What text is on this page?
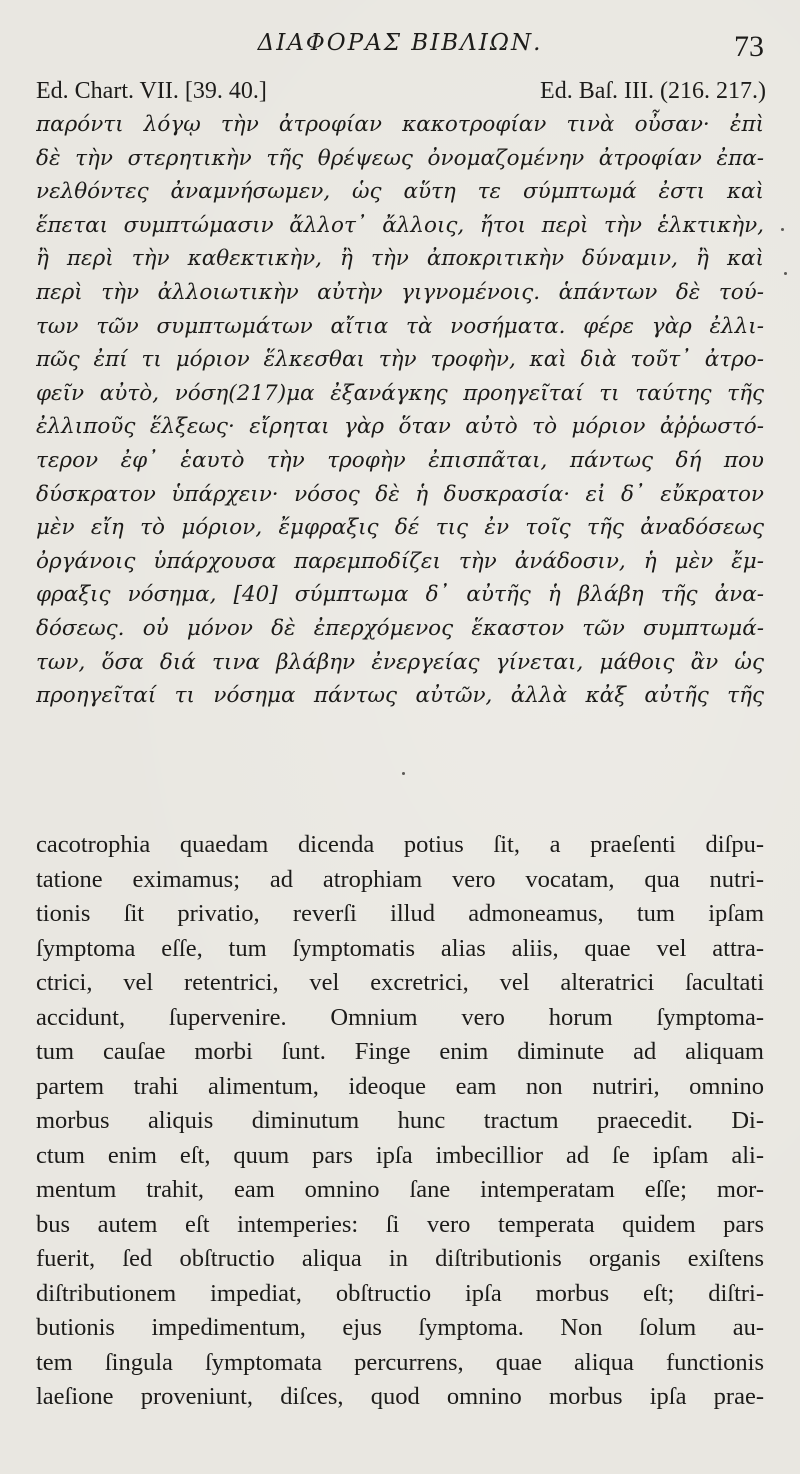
ΔΙΑΦΟΡΑΣ ΒΙΒΛΙΩΝ.	73
Ed. Chart. VII. [39. 40.]	Ed. Baſ. III. (216. 217.)
παρόντι λόγῳ τὴν ἀτροφίαν κακοτροφίαν τινὰ οὖσαν· ἐπὶ
δὲ τὴν στερητικὴν τῆς θρέψεως ὀνομαζομένην ἀτροφίαν ἐπα-
νελθόντες ἀναμνήσωμεν, ὡς αὕτη τε σύμπτωμά ἐστι καὶ
ἕπεται συμπτώμασιν ἄλλοτ᾽ ἄλλοις, ἤτοι περὶ τὴν ἑλκτικὴν,
ἢ περὶ τὴν καθεκτικὴν, ἢ τὴν ἀποκριτικὴν δύναμιν, ἢ καὶ
περὶ τὴν ἀλλοιωτικὴν αὐτὴν γιγνομένοις. ἁπάντων δὲ τού-
των τῶν συμπτωμάτων αἴτια τὰ νοσήματα. φέρε γὰρ ἐλλι-
πῶς ἐπί τι μόριον ἕλκεσθαι τὴν τροφὴν, καὶ διὰ τοῦτ᾽ ἀτρο-
φεῖν αὐτὸ, νόση(217)μα ἐξανάγκης προηγεῖταί τι ταύτης τῆς
ἐλλιποῦς ἕλξεως· εἴρηται γὰρ ὅταν αὐτὸ τὸ μόριον ἀῤῥωστό-
τερον ἐφ᾽ ἑαυτὸ τὴν τροφὴν ἐπισπᾶται, πάντως δή που
δύσκρατον ὑπάρχειν· νόσος δὲ ἡ δυσκρασία· εἰ δ᾽ εὔκρατον
μὲν εἴη τὸ μόριον, ἔμφραξις δέ τις ἐν τοῖς τῆς ἀναδόσεως
ὀργάνοις ὑπάρχουσα παρεμποδίζει τὴν ἀνάδοσιν, ἡ μὲν ἔμ-
φραξις νόσημα, [40] σύμπτωμα δ᾽ αὐτῆς ἡ βλάβη τῆς ἀνα-
δόσεως. οὐ μόνον δὲ ἐπερχόμενος ἕκαστον τῶν συμπτωμά-
των, ὅσα διά τινα βλάβην ἐνεργείας γίνεται, μάθοις ἂν ὡς
προηγεῖταί τι νόσημα πάντως αὐτῶν, ἀλλὰ κἀξ αὐτῆς τῆς
cacotrophia quaedam dicenda potius ſit, a praeſenti diſpu-
tatione eximamus; ad atrophiam vero vocatam, qua nutri-
tionis ſit privatio, reverſi illud admoneamus, tum ipſam
ſymptoma eſſe, tum ſymptomatis alias aliis, quae vel attra-
ctrici, vel retentrici, vel excretrici, vel alteratrici ſacultati
accidunt, ſupervenire. Omnium vero horum ſymptoma-
tum cauſae morbi ſunt. Finge enim diminute ad aliquam
partem trahi alimentum, ideoque eam non nutriri, omnino
morbus aliquis diminutum hunc tractum praecedit. Di-
ctum enim eſt, quum pars ipſa imbecillior ad ſe ipſam ali-
mentum trahit, eam omnino ſane intemperatam eſſe; mor-
bus autem eſt intemperies: ſi vero temperata quidem pars
fuerit, ſed obſtructio aliqua in diſtributionis organis exiſtens
diſtributionem impediat, obſtructio ipſa morbus eſt; diſtri-
butionis impedimentum, ejus ſymptoma. Non ſolum au-
tem ſingula ſymptomata percurrens, quae aliqua functionis
laeſione proveniunt, diſces, quod omnino morbus ipſa prae-
